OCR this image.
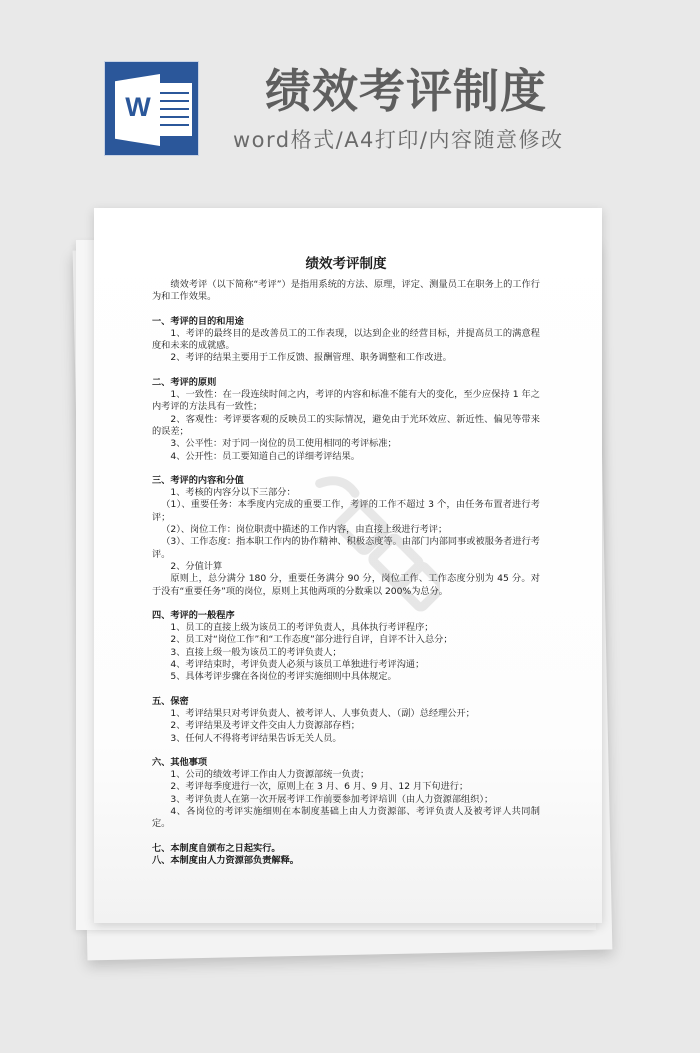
W 绩效考评制度
word格式/A4打印/内容随意修改
绩效考评制度
绩效考评（以下简称“考评”）是指用系统的方法、原理，评定、测量员工在职务上的工作行为和工作效果。
一、考评的目的和用途
1、考评的最终目的是改善员工的工作表现，以达到企业的经营目标，并提高员工的满意程度和未来的成就感。
2、考评的结果主要用于工作反馈、报酬管理、职务调整和工作改进。
二、考评的原则
1、一致性：在一段连续时间之内，考评的内容和标准不能有大的变化，至少应保持 1 年之内考评的方法具有一致性；
2、客观性：考评要客观的反映员工的实际情况，避免由于光环效应、新近性、偏见等带来的误差；
3、公平性：对于同一岗位的员工使用相同的考评标准；
4、公开性：员工要知道自己的详细考评结果。
三、考评的内容和分值
1、考核的内容分以下三部分：
（1）、重要任务：本季度内完成的重要工作，考评的工作不超过 3 个，由任务布置者进行考评；
（2）、岗位工作：岗位职责中描述的工作内容，由直接上级进行考评；
（3）、工作态度：指本职工作内的协作精神、积极态度等。由部门内部同事或被服务者进行考评。
2、分值计算
原则上，总分满分 180 分，重要任务满分 90 分，岗位工作、工作态度分别为 45 分。对于没有“重要任务”项的岗位，原则上其他两项的分数乘以 200%为总分。
四、考评的一般程序
1、员工的直接上级为该员工的考评负责人，具体执行考评程序；
2、员工对“岗位工作”和“工作态度”部分进行自评，自评不计入总分；
3、直接上级一般为该员工的考评负责人；
4、考评结束时，考评负责人必须与该员工单独进行考评沟通；
5、具体考评步骤在各岗位的考评实施细则中具体规定。
五、保密
1、考评结果只对考评负责人、被考评人、人事负责人、（副）总经理公开；
2、考评结果及考评文件交由人力资源部存档；
3、任何人不得将考评结果告诉无关人员。
六、其他事项
1、公司的绩效考评工作由人力资源部统一负责；
2、考评每季度进行一次，原则上在 3 月、6 月、9 月、12 月下旬进行；
3、考评负责人在第一次开展考评工作前要参加考评培训（由人力资源部组织）；
4、各岗位的考评实施细则在本制度基础上由人力资源部、考评负责人及被考评人共同制定。
七、本制度自颁布之日起实行。
八、本制度由人力资源部负责解释。
